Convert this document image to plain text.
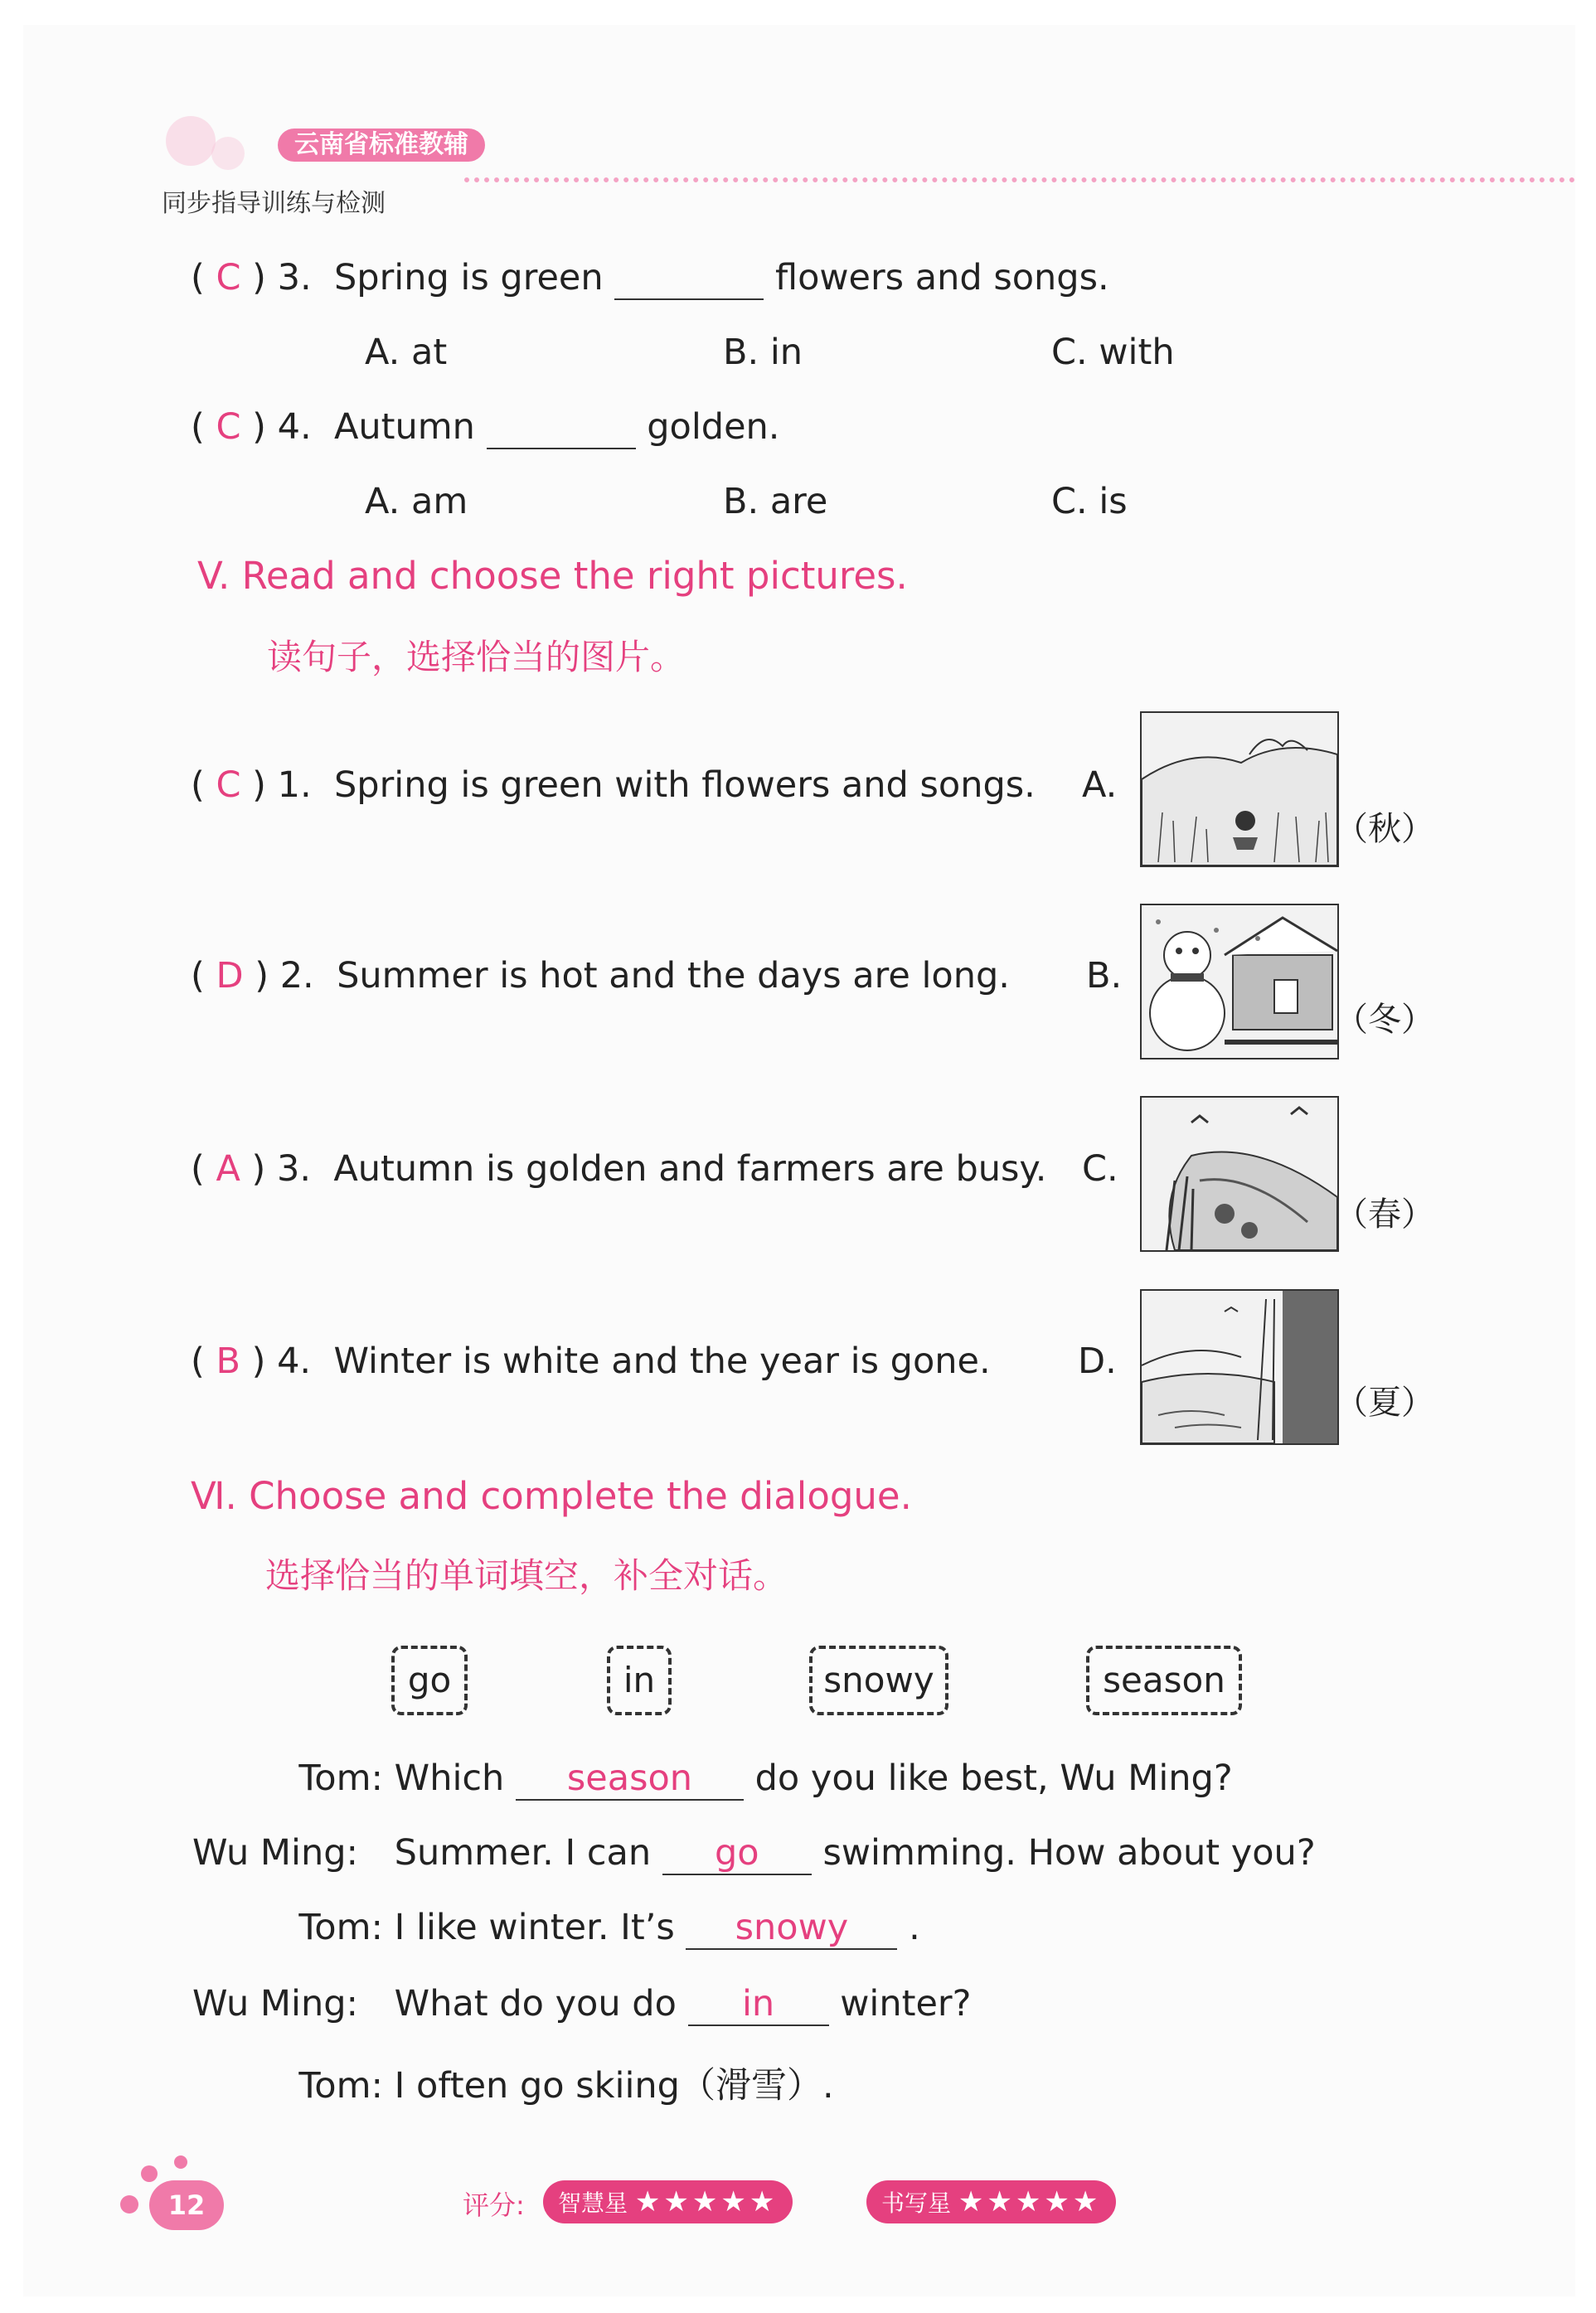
云南省标准教辅
同步指导训练与检测
( C ) 3. Spring is green	flowers and songs.
A. at	B. in	C. with
( C ) 4. Autumn	golden.
A. am	B. are	C. is
V. Read and choose the right pictures.
读句子，选择恰当的图片。
( C ) 1. Spring is green with flowers and songs. A.
（秋）
( D ) 2. Summer is hot and the days are long. B.
（冬）
( A ) 3. Autumn is golden and farmers are busy. C.
（春）
( B ) 4. Winter is white and the year is gone. D.
（夏）
Ⅵ. Choose and complete the dialogue.
选择恰当的单词填空，补全对话。
go	in	snowy	season
Tom: Which season do you like best, Wu Ming?
Wu Ming: Summer. I can go swimming. How about you?
Tom: I like winter. It’s snowy .
Wu Ming: What do you do in winter?
Tom: I often go skiing（滑雪）.
12	评分:	智慧星 ★★★★★	书写星 ★★★★★
